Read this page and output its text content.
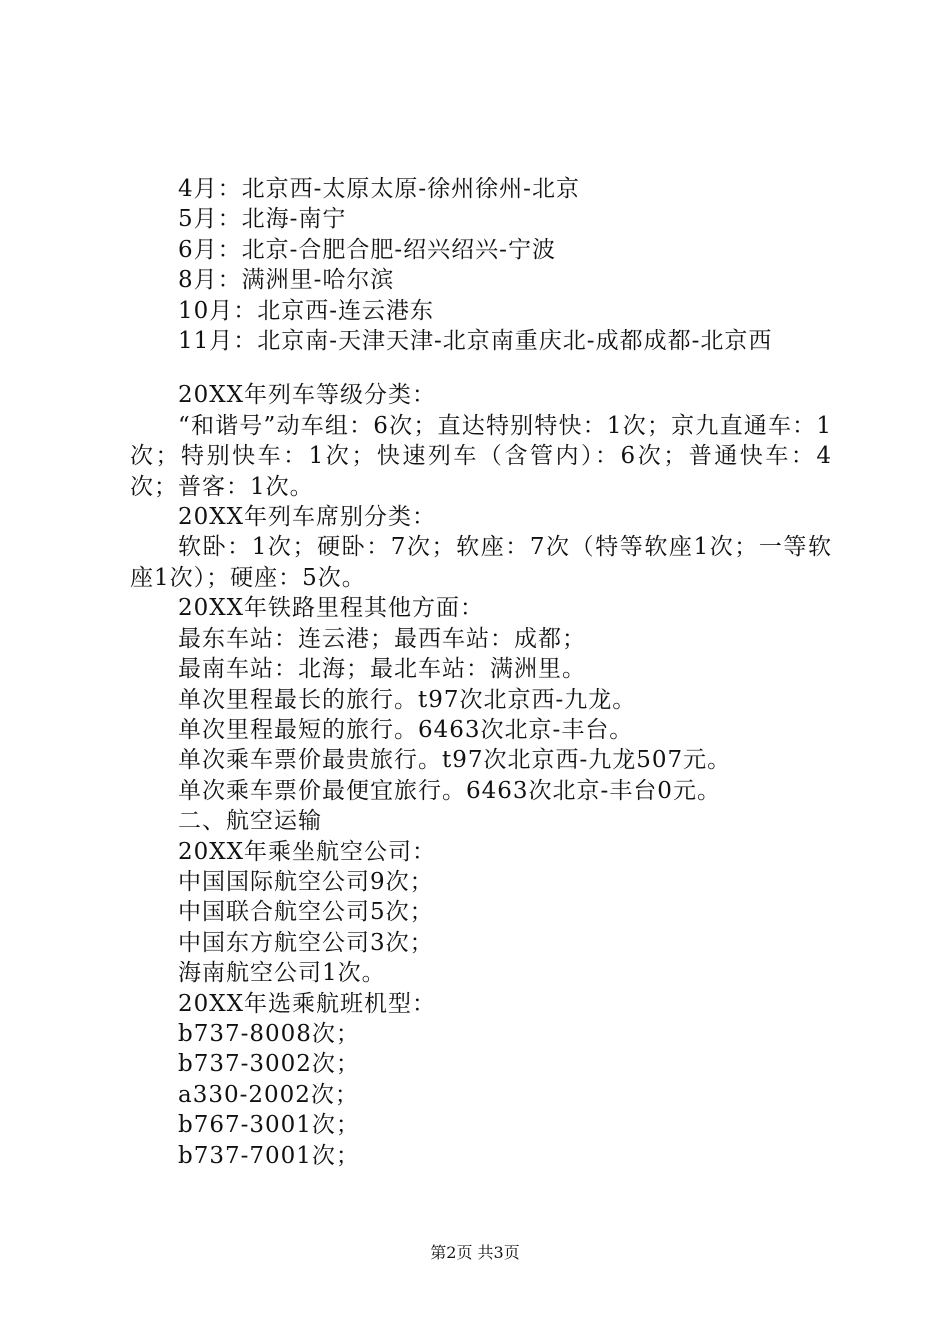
4月：北京西-太原太原-徐州徐州-北京
5月：北海-南宁
6月：北京-合肥合肥-绍兴绍兴-宁波
8月：满洲里-哈尔滨
10月：北京西-连云港东
11月：北京南-天津天津-北京南重庆北-成都成都-北京西
20XX年列车等级分类：

“和谐号”动车组：6次；直达特别特快：1次；京九直通车：1次；特别快车：1次；快速列车（含管内）：6次；普通快车：4次；普客：1次。

20XX年列车席别分类：

软卧：1次；硬卧：7次；软座：7次（特等软座1次；一等软座1次）；硬座：5次。

20XX年铁路里程其他方面：
最东车站：连云港；最西车站：成都；
最南车站：北海；最北车站：满洲里。
单次里程最长的旅行。t97次北京西-九龙。
单次里程最短的旅行。6463次北京-丰台。
单次乘车票价最贵旅行。t97次北京西-九龙507元。
单次乘车票价最便宜旅行。6463次北京-丰台0元。
二、航空运输
20XX年乘坐航空公司：
中国国际航空公司9次；
中国联合航空公司5次；
中国东方航空公司3次；
海南航空公司1次。
20XX年选乘航班机型：
b737-8008次；
b737-3002次；
a330-2002次；
b767-3001次；
b737-7001次；
第2页 共3页
